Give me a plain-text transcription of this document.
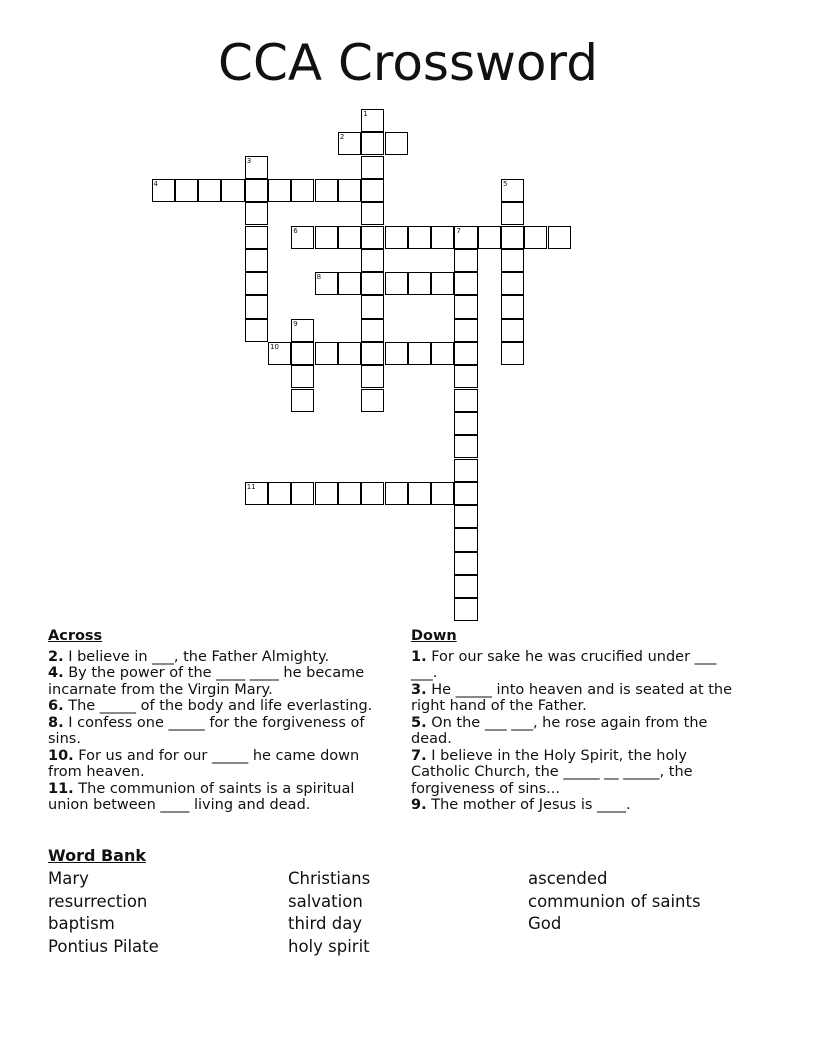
CCA Crossword
1
2
3
4	5
6	7
8
9
10
11
Across
2. I believe in ___, the Father Almighty.
4. By the power of the ____ ____ he became incarnate from the Virgin Mary.
6. The _____ of the body and life everlasting.
8. I confess one _____ for the forgiveness of sins.
10. For us and for our _____ he came down from heaven.
11. The communion of saints is a spiritual union between ____ living and dead.
Down
1. For our sake he was crucified under ___ ___.
3. He _____ into heaven and is seated at the right hand of the Father.
5. On the ___ ___, he rose again from the dead.
7. I believe in the Holy Spirit, the holy Catholic Church, the _____ __ _____, the forgiveness of sins...
9. The mother of Jesus is ____.
Word Bank
Mary
resurrection
baptism
Pontius Pilate
Christians
salvation
third day
holy spirit
ascended
communion of saints
God
